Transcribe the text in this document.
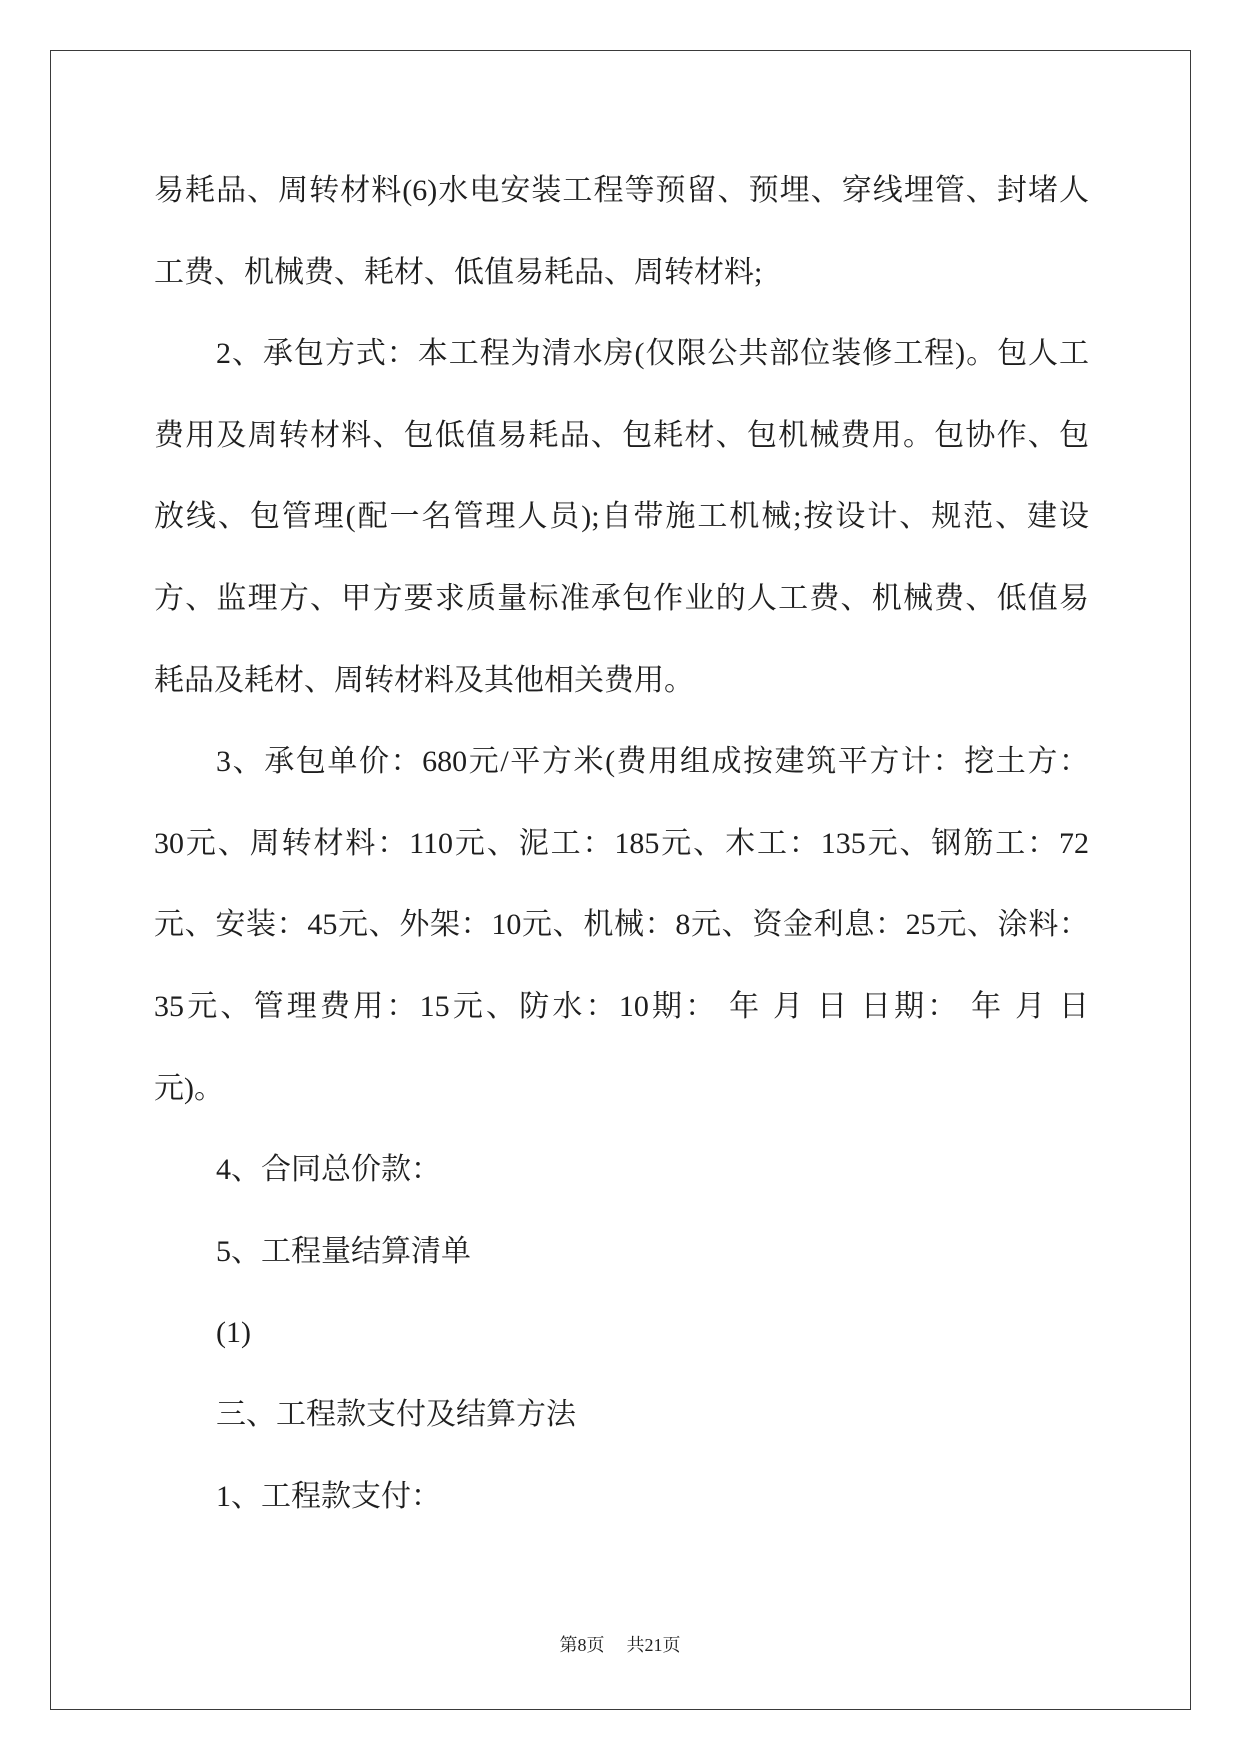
易耗品、周转材料(6)水电安装工程等预留、预埋、穿线埋管、封堵人
工费、机械费、耗材、低值易耗品、周转材料;
2、承包方式：本工程为清水房(仅限公共部位装修工程)。包人工
费用及周转材料、包低值易耗品、包耗材、包机械费用。包协作、包
放线、包管理(配一名管理人员);自带施工机械;按设计、规范、建设
方、监理方、甲方要求质量标准承包作业的人工费、机械费、低值易
耗品及耗材、周转材料及其他相关费用。
3、承包单价：680元/平方米(费用组成按建筑平方计：挖土方：
30元、周转材料：110元、泥工：185元、木工：135元、钢筋工：72
元、安装：45元、外架：10元、机械：8元、资金利息：25元、涂料：
35元、管理费用：15元、防水：10期： 年 月 日 日期： 年 月 日
元)。
4、合同总价款：
5、工程量结算清单
(1)
三、工程款支付及结算方法
1、工程款支付：
第8页 共21页
